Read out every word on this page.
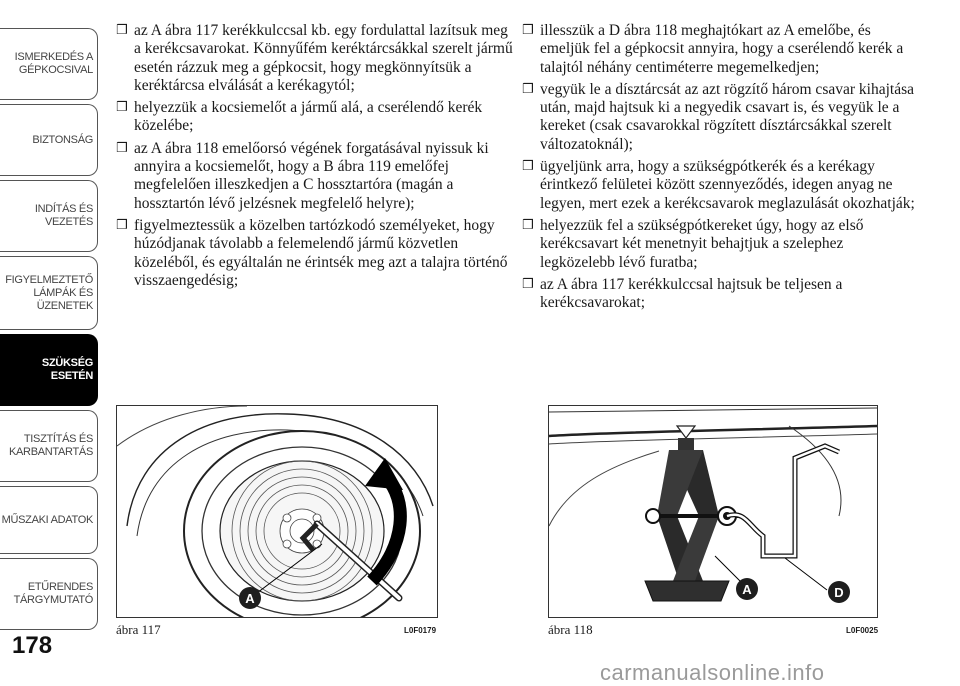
ISMERKEDÉS A
GÉPKOCSIVAL
BIZTONSÁG
INDÍTÁS ÉS
VEZETÉS
FIGYELMEZTETŐ
LÁMPÁK ÉS
ÜZENETEK
SZÜKSÉG ESETÉN
TISZTÍTÁS ÉS
KARBANTARTÁS
MŰSZAKI ADATOK
ETŰRENDES
TÁRGYMUTATÓ
178
❒ az A ábra 117 kerékkulccsal kb. egy fordulattal lazítsuk meg a kerékcsavarokat. Könnyűfém keréktárcsákkal szerelt jármű esetén rázzuk meg a gépkocsit, hogy megkönnyítsük a keréktárcsa elválását a kerékagytól;
❒ helyezzük a kocsiemelőt a jármű alá, a cserélendő kerék közelébe;
❒ az A ábra 118 emelőorsó végének forgatásával nyissuk ki annyira a kocsiemelőt, hogy a B ábra 119 emelőfej megfelelően illeszkedjen a C hossztartóra (magán a hossztartón lévő jelzésnek megfelelő helyre);
❒ figyelmeztessük a közelben tartózkodó személyeket, hogy húzódjanak távolabb a felemelendő jármű közvetlen közeléből, és egyáltalán ne érintsék meg azt a talajra történő visszaengedésig;
❒ illesszük a D ábra 118 meghajtókart az A emelőbe, és emeljük fel a gépkocsit annyira, hogy a cserélendő kerék a talajtól néhány centiméterre megemelkedjen;
❒ vegyük le a dísztárcsát az azt rögzítő három csavar kihajtása után, majd hajtsuk ki a negyedik csavart is, és vegyük le a kereket (csak csavarokkal rögzített dísztárcsákkal szerelt változatoknál);
❒ ügyeljünk arra, hogy a szükségpótkerék és a kerékagy érintkező felületei között szennyeződés, idegen anyag ne legyen, mert ezek a kerékcsavarok meglazulását okozhatják;
❒ helyezzük fel a szükségpótkereket úgy, hogy az első kerékcsavart két menetnyit behajtjuk a szelephez legközelebb lévő furatba;
❒ az A ábra 117 kerékkulccsal hajtsuk be teljesen a kerékcsavarokat;
A
ábra 117	L0F0179
A	D
ábra 118	L0F0025
carmanualsonline.info
